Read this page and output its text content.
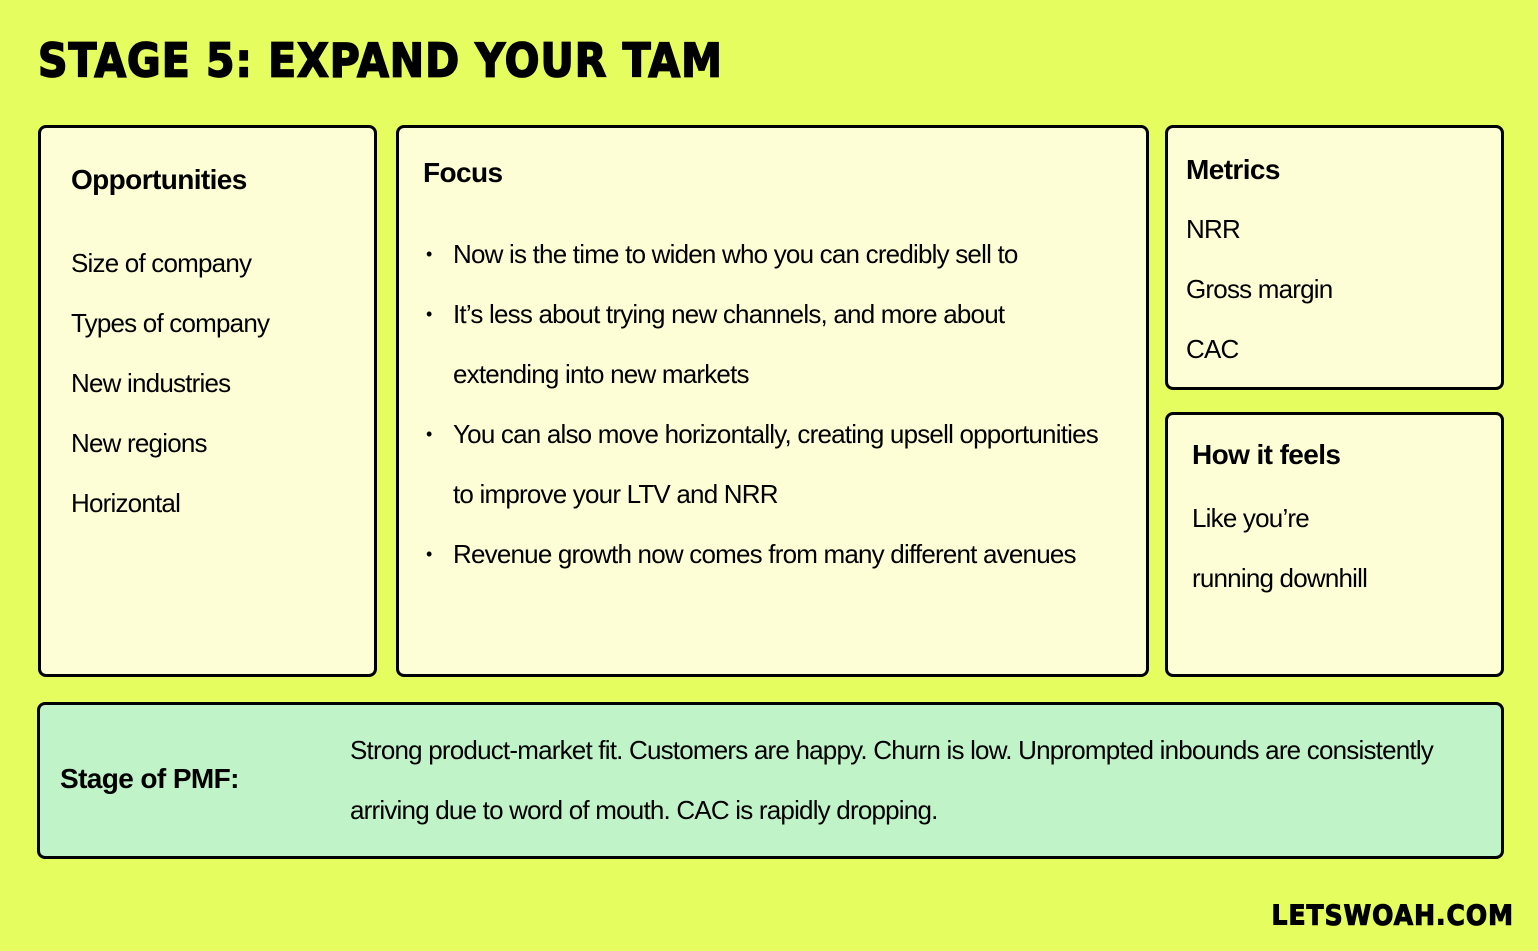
STAGE 5: EXPAND YOUR TAM
Opportunities
Size of company
Types of company
New industries
New regions
Horizontal
Focus
• Now is the time to widen who you can credibly sell to
• It’s less about trying new channels, and more about
extending into new markets
• You can also move horizontally, creating upsell opportunities
to improve your LTV and NRR
• Revenue growth now comes from many different avenues
Metrics
NRR
Gross margin
CAC
How it feels
Like you’re
running downhill
Stage of PMF:
Strong product-market fit. Customers are happy. Churn is low. Unprompted inbounds are consistently
arriving due to word of mouth. CAC is rapidly dropping.
LETSWOAH.COM
